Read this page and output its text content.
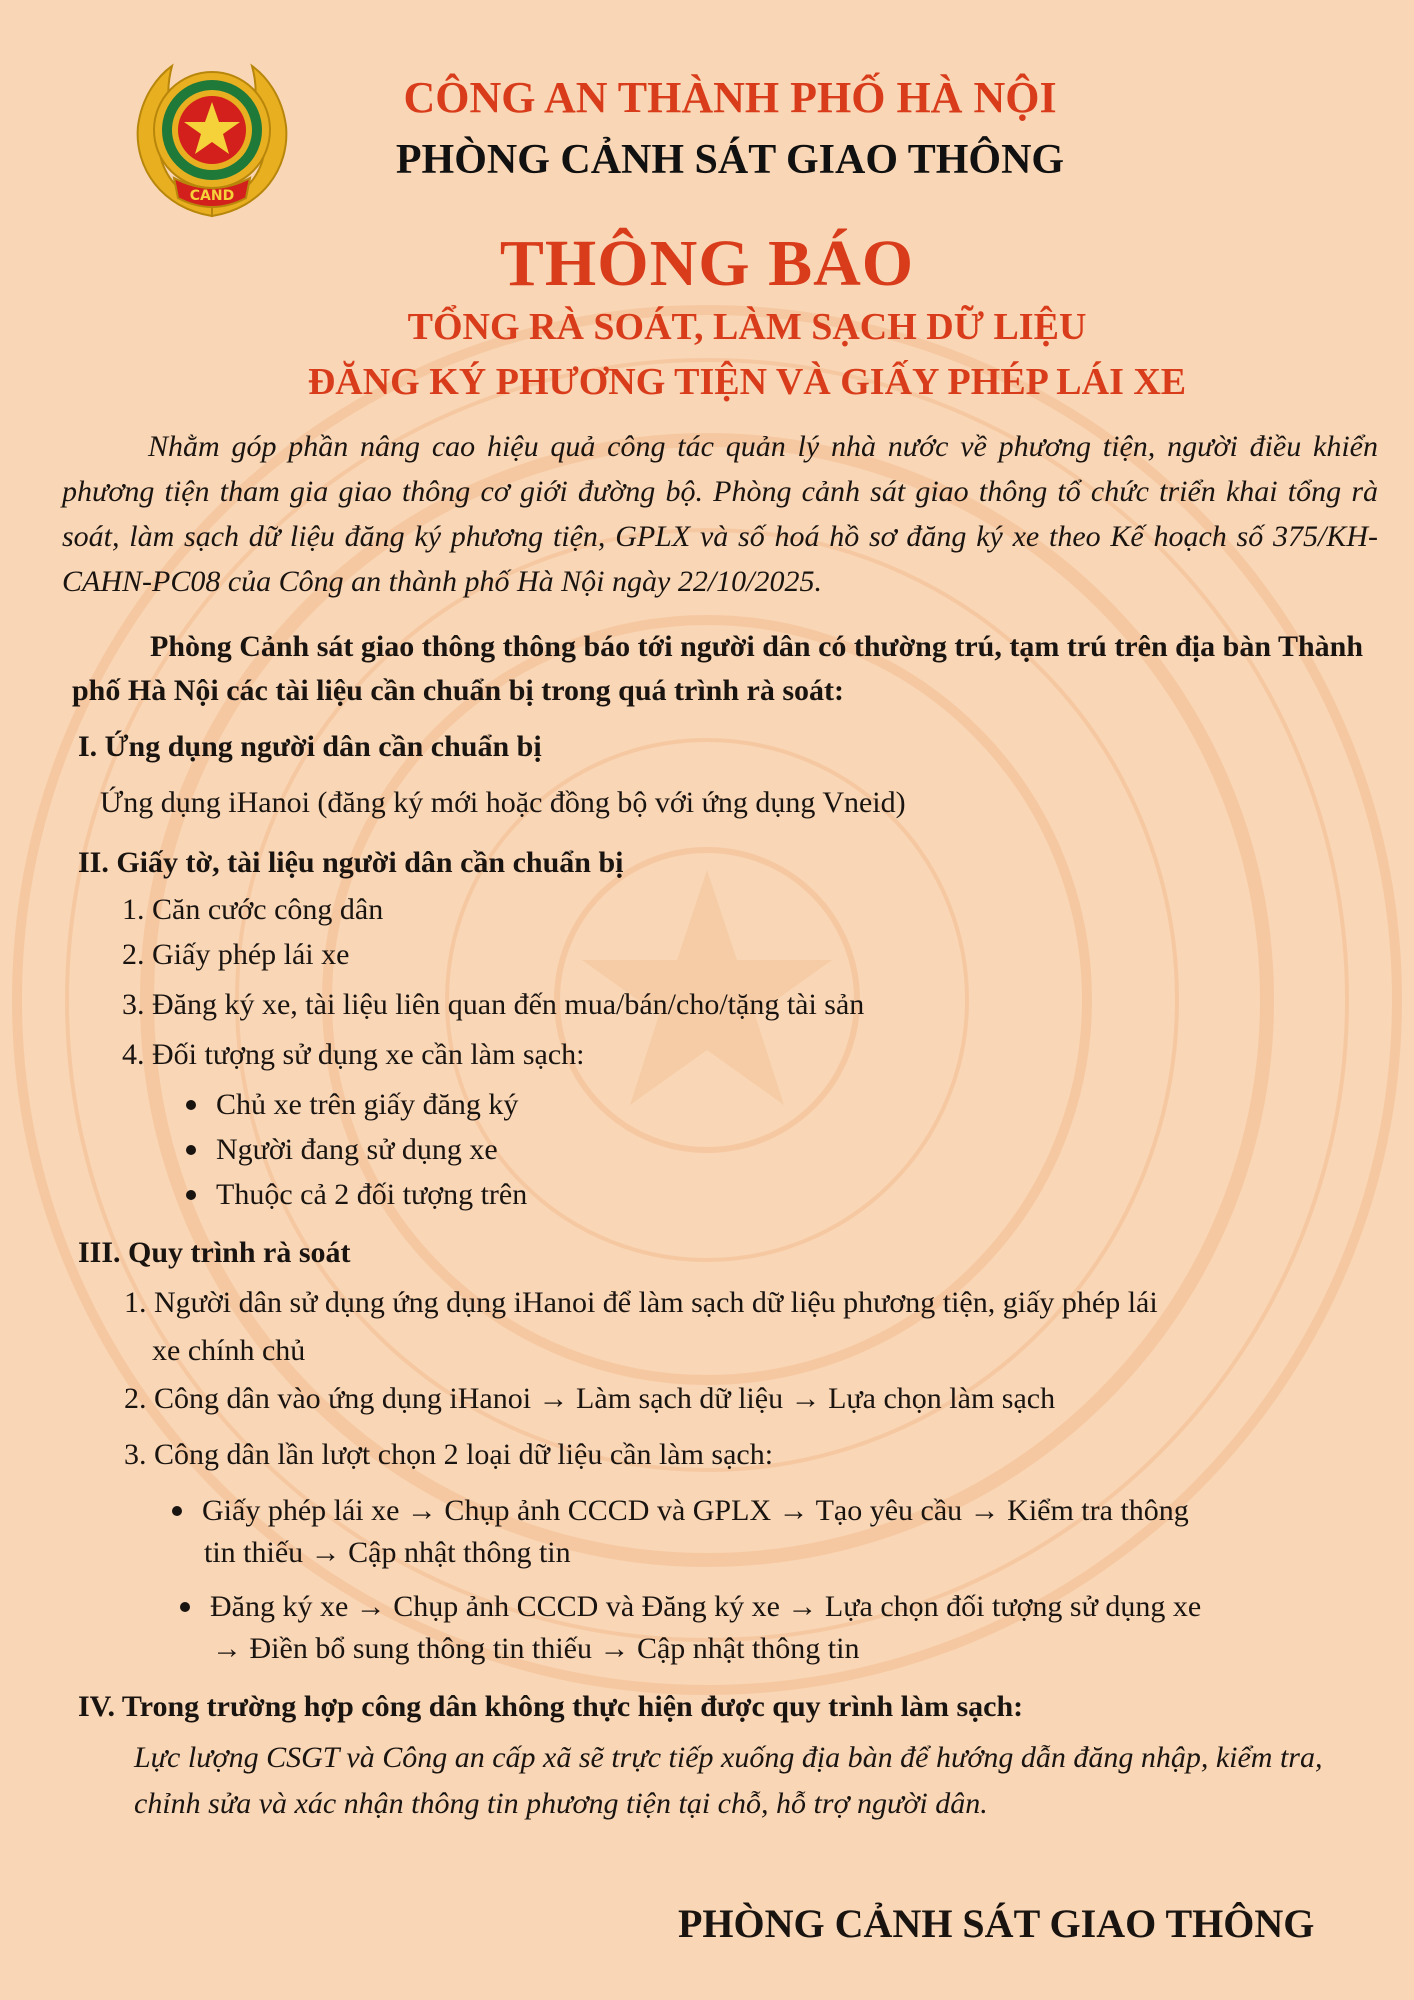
CAND
CÔNG AN THÀNH PHỐ HÀ NỘI
PHÒNG CẢNH SÁT GIAO THÔNG
THÔNG BÁO
TỔNG RÀ SOÁT, LÀM SẠCH DỮ LIỆU
ĐĂNG KÝ PHƯƠNG TIỆN VÀ GIẤY PHÉP LÁI XE
Nhằm góp phần nâng cao hiệu quả công tác quản lý nhà nước về phương tiện, người điều khiển phương tiện tham gia giao thông cơ giới đường bộ. Phòng cảnh sát giao thông tổ chức triển khai tổng rà soát, làm sạch dữ liệu đăng ký phương tiện, GPLX và số hoá hồ sơ đăng ký xe theo Kế hoạch số 375/KH-CAHN-PC08 của Công an thành phố Hà Nội ngày 22/10/2025.
Phòng Cảnh sát giao thông thông báo tới người dân có thường trú, tạm trú trên địa bàn Thành phố Hà Nội các tài liệu cần chuẩn bị trong quá trình rà soát:
I. Ứng dụng người dân cần chuẩn bị
Ứng dụng iHanoi (đăng ký mới hoặc đồng bộ với ứng dụng Vneid)
II. Giấy tờ, tài liệu người dân cần chuẩn bị
1. Căn cước công dân
2. Giấy phép lái xe
3. Đăng ký xe, tài liệu liên quan đến mua/bán/cho/tặng tài sản
4. Đối tượng sử dụng xe cần làm sạch:
Chủ xe trên giấy đăng ký
Người đang sử dụng xe
Thuộc cả 2 đối tượng trên
III. Quy trình rà soát
1. Người dân sử dụng ứng dụng iHanoi để làm sạch dữ liệu phương tiện, giấy phép lái
xe chính chủ
2. Công dân vào ứng dụng iHanoi → Làm sạch dữ liệu → Lựa chọn làm sạch
3. Công dân lần lượt chọn 2 loại dữ liệu cần làm sạch:
Giấy phép lái xe → Chụp ảnh CCCD và GPLX → Tạo yêu cầu → Kiểm tra thông
tin thiếu → Cập nhật thông tin
Đăng ký xe → Chụp ảnh CCCD và Đăng ký xe → Lựa chọn đối tượng sử dụng xe
→ Điền bổ sung thông tin thiếu → Cập nhật thông tin
IV. Trong trường hợp công dân không thực hiện được quy trình làm sạch:
Lực lượng CSGT và Công an cấp xã sẽ trực tiếp xuống địa bàn để hướng dẫn đăng nhập, kiểm tra, chỉnh sửa và xác nhận thông tin phương tiện tại chỗ, hỗ trợ người dân.
PHÒNG CẢNH SÁT GIAO THÔNG
